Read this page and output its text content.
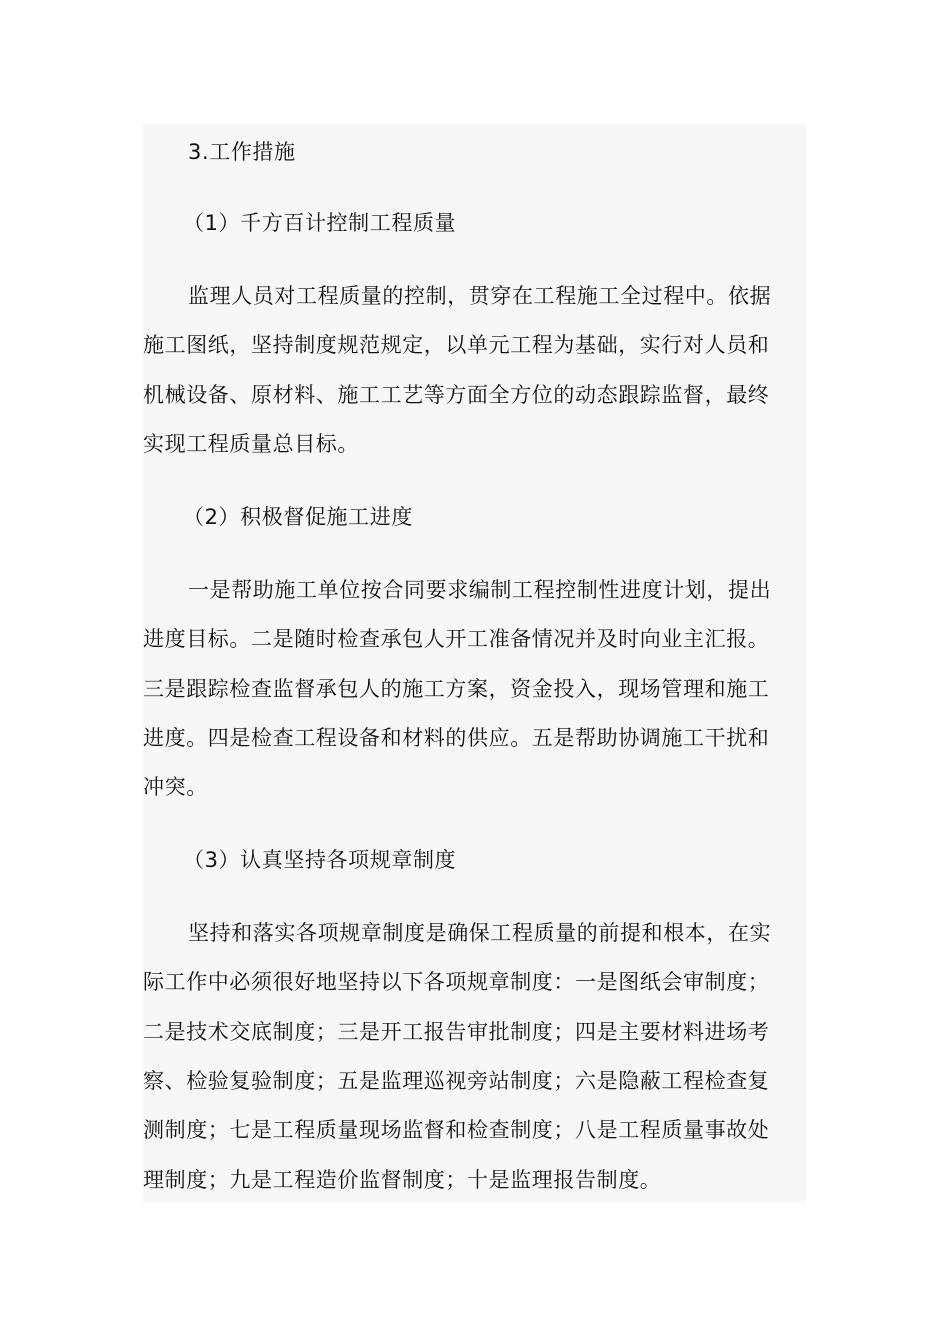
3.工作措施
（1）千方百计控制工程质量
监理人员对工程质量的控制，贯穿在工程施工全过程中。依据
施工图纸，坚持制度规范规定，以单元工程为基础，实行对人员和
机械设备、原材料、施工工艺等方面全方位的动态跟踪监督，最终
实现工程质量总目标。
（2）积极督促施工进度
一是帮助施工单位按合同要求编制工程控制性进度计划，提出
进度目标。二是随时检查承包人开工准备情况并及时向业主汇报。
三是跟踪检查监督承包人的施工方案，资金投入，现场管理和施工
进度。四是检查工程设备和材料的供应。五是帮助协调施工干扰和
冲突。
（3）认真坚持各项规章制度
坚持和落实各项规章制度是确保工程质量的前提和根本，在实
际工作中必须很好地坚持以下各项规章制度：一是图纸会审制度；
二是技术交底制度；三是开工报告审批制度；四是主要材料进场考
察、检验复验制度；五是监理巡视旁站制度；六是隐蔽工程检查复
测制度；七是工程质量现场监督和检查制度；八是工程质量事故处
理制度；九是工程造价监督制度；十是监理报告制度。
